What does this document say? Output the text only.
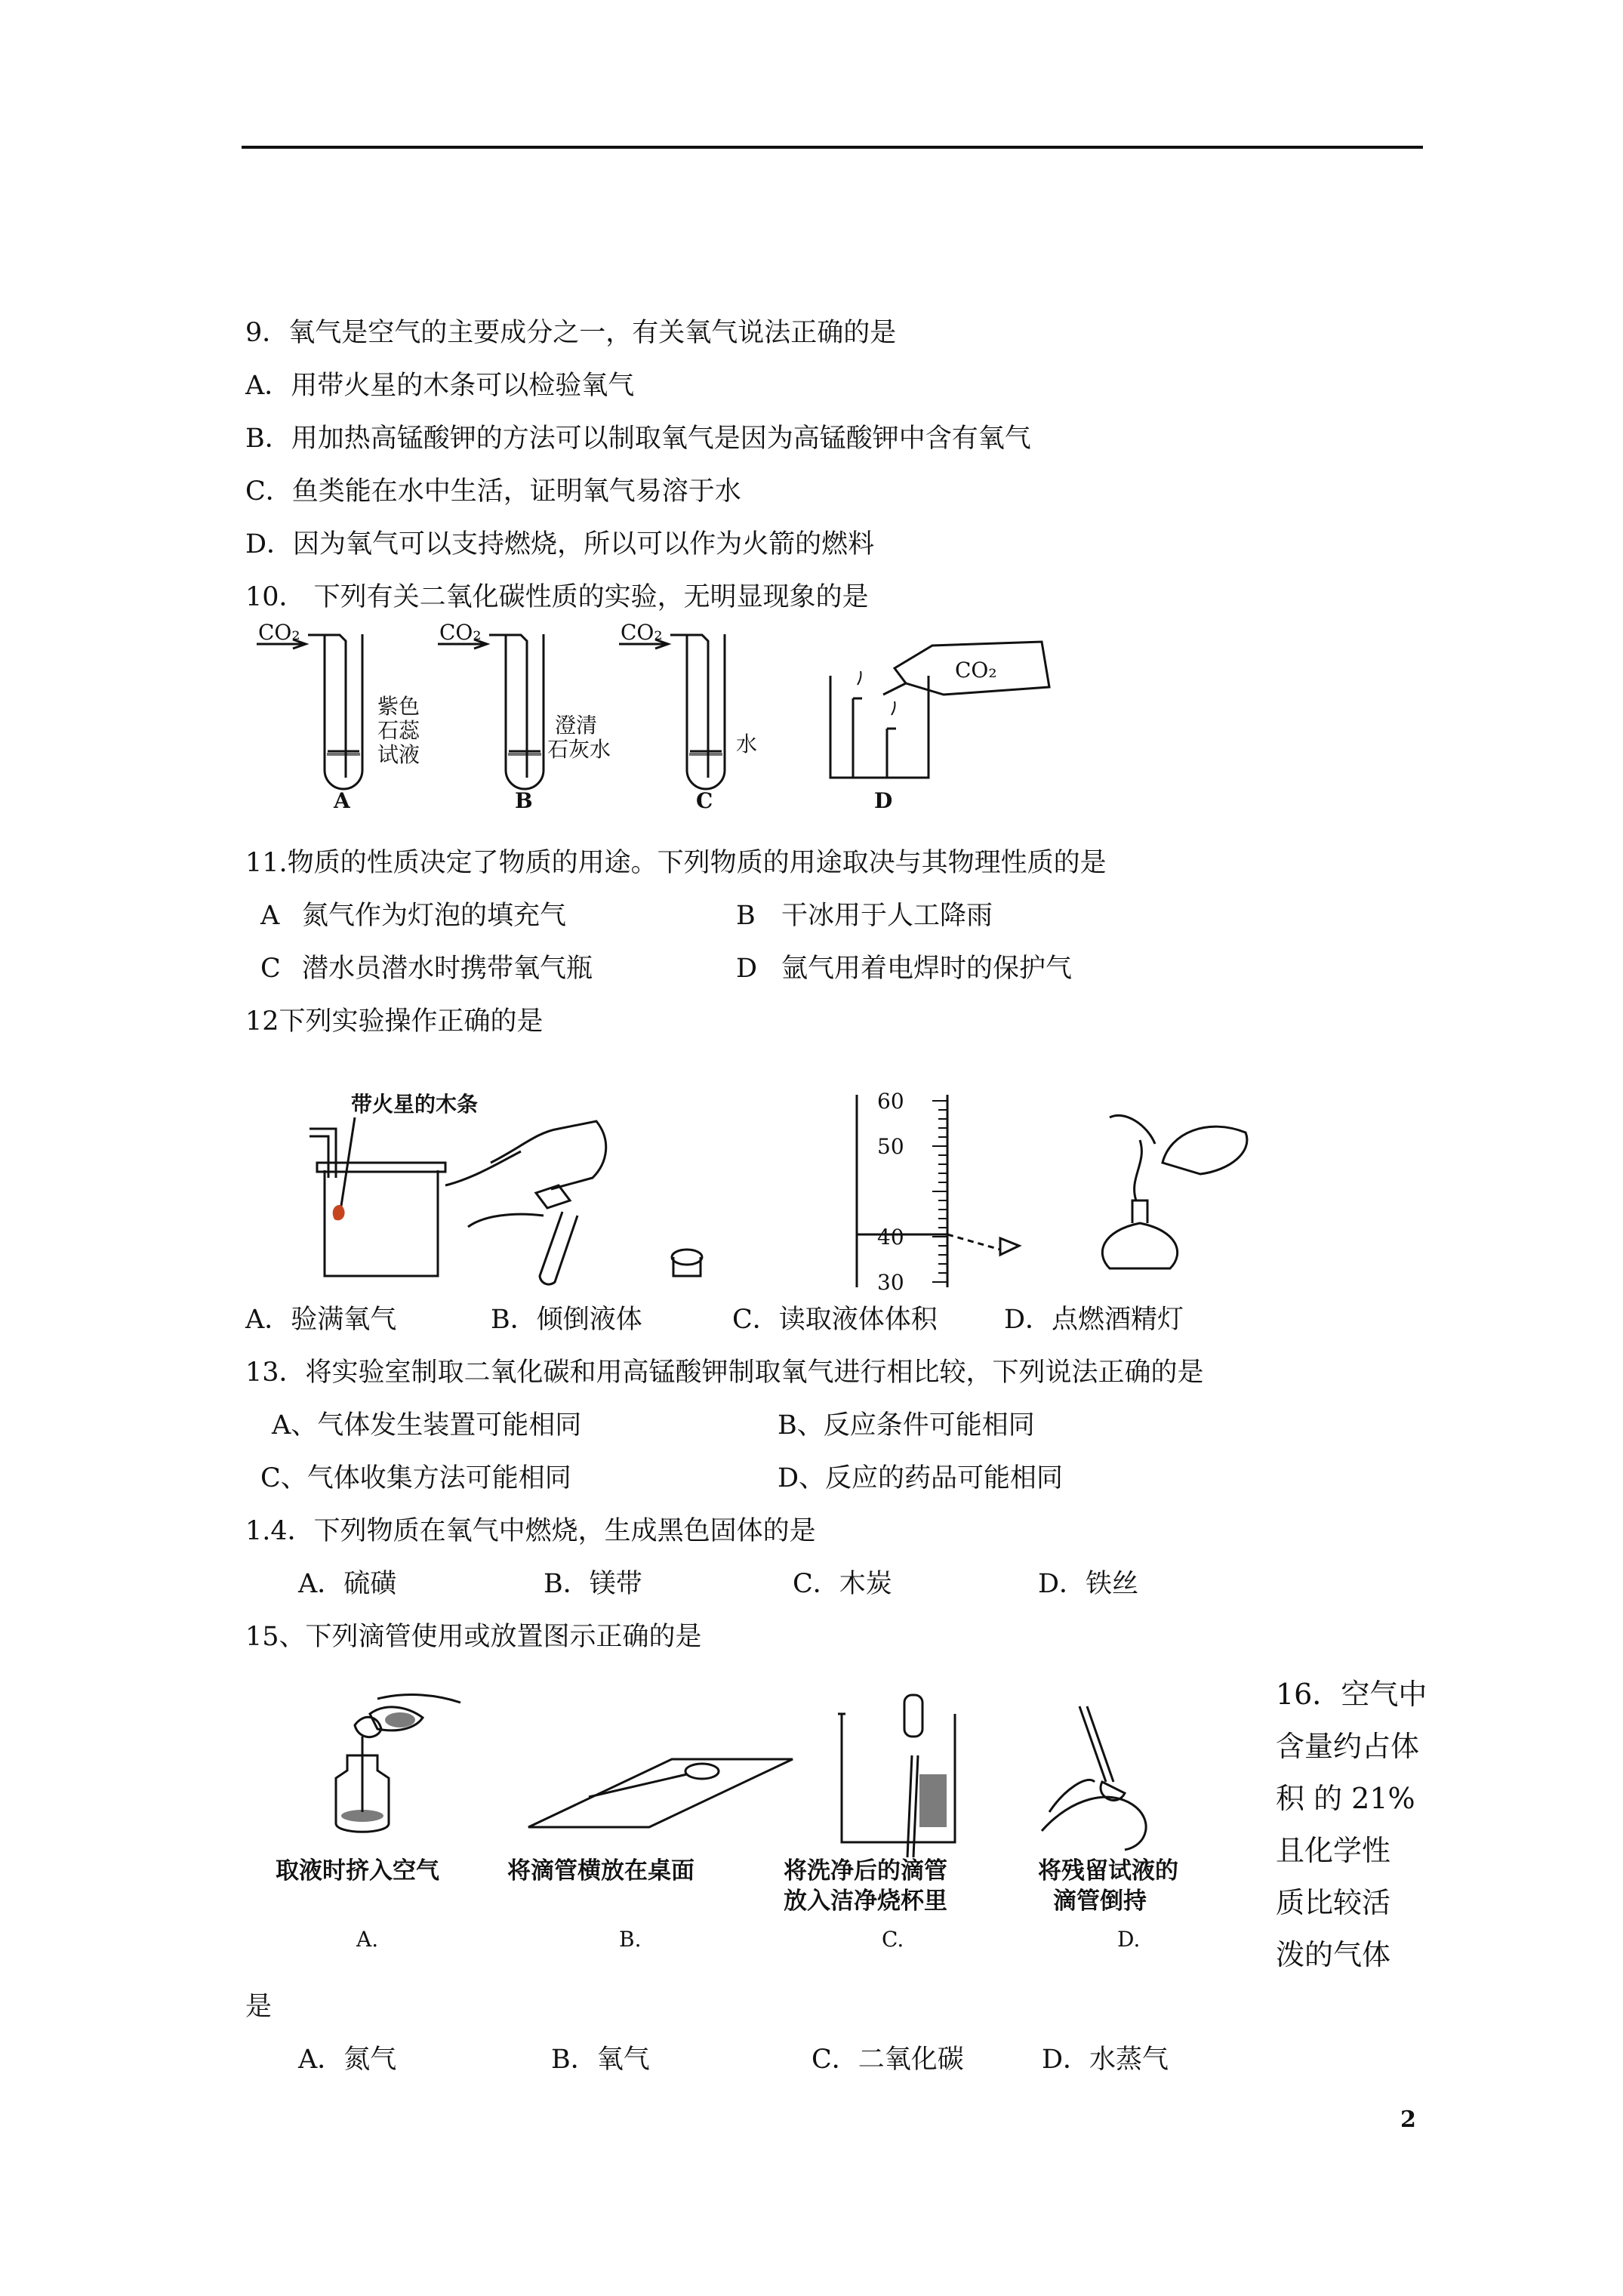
9．氧气是空气的主要成分之一，有关氧气说法正确的是
A．用带火星的木条可以检验氧气
B．用加热高锰酸钾的方法可以制取氧气是因为高锰酸钾中含有氧气
C．鱼类能在水中生活，证明氧气易溶于水
D．因为氧气可以支持燃烧，所以可以作为火箭的燃料
10． 下列有关二氧化碳性质的实验，无明显现象的是
CO₂	CO₂	CO₂
紫色
石蕊
试液
澄清
石灰水	水
CO₂
A	B	C	D
11.物质的性质决定了物质的用途。下列物质的用途取决与其物理性质的是
A 氮气作为灯泡的填充气	B 干冰用于人工降雨
C 潜水员潜水时携带氧气瓶	D 氩气用着电焊时的保护气
12下列实验操作正确的是
带火星的木条	60
50
40
30
A．验满氧气	B．倾倒液体	C．读取液体体积	D．点燃酒精灯
13．将实验室制取二氧化碳和用高锰酸钾制取氧气进行相比较，下列说法正确的是
A、气体发生装置可能相同	B、反应条件可能相同
C、气体收集方法可能相同	D、反应的药品可能相同
1.4．下列物质在氧气中燃烧，生成黑色固体的是
A．硫磺	B．镁带	C．木炭	D．铁丝
15、下列滴管使用或放置图示正确的是
取液时挤入空气	将滴管横放在桌面	将洗净后的滴管
放入洁净烧杯里
将残留试液的
滴管倒持
A.	B.	C.	D.
16．空气中
含量约占体
积 的 21%
且化学性
质比较活
泼的气体
是
A．氮气	B．氧气	C．二氧化碳	D．水蒸气
2
